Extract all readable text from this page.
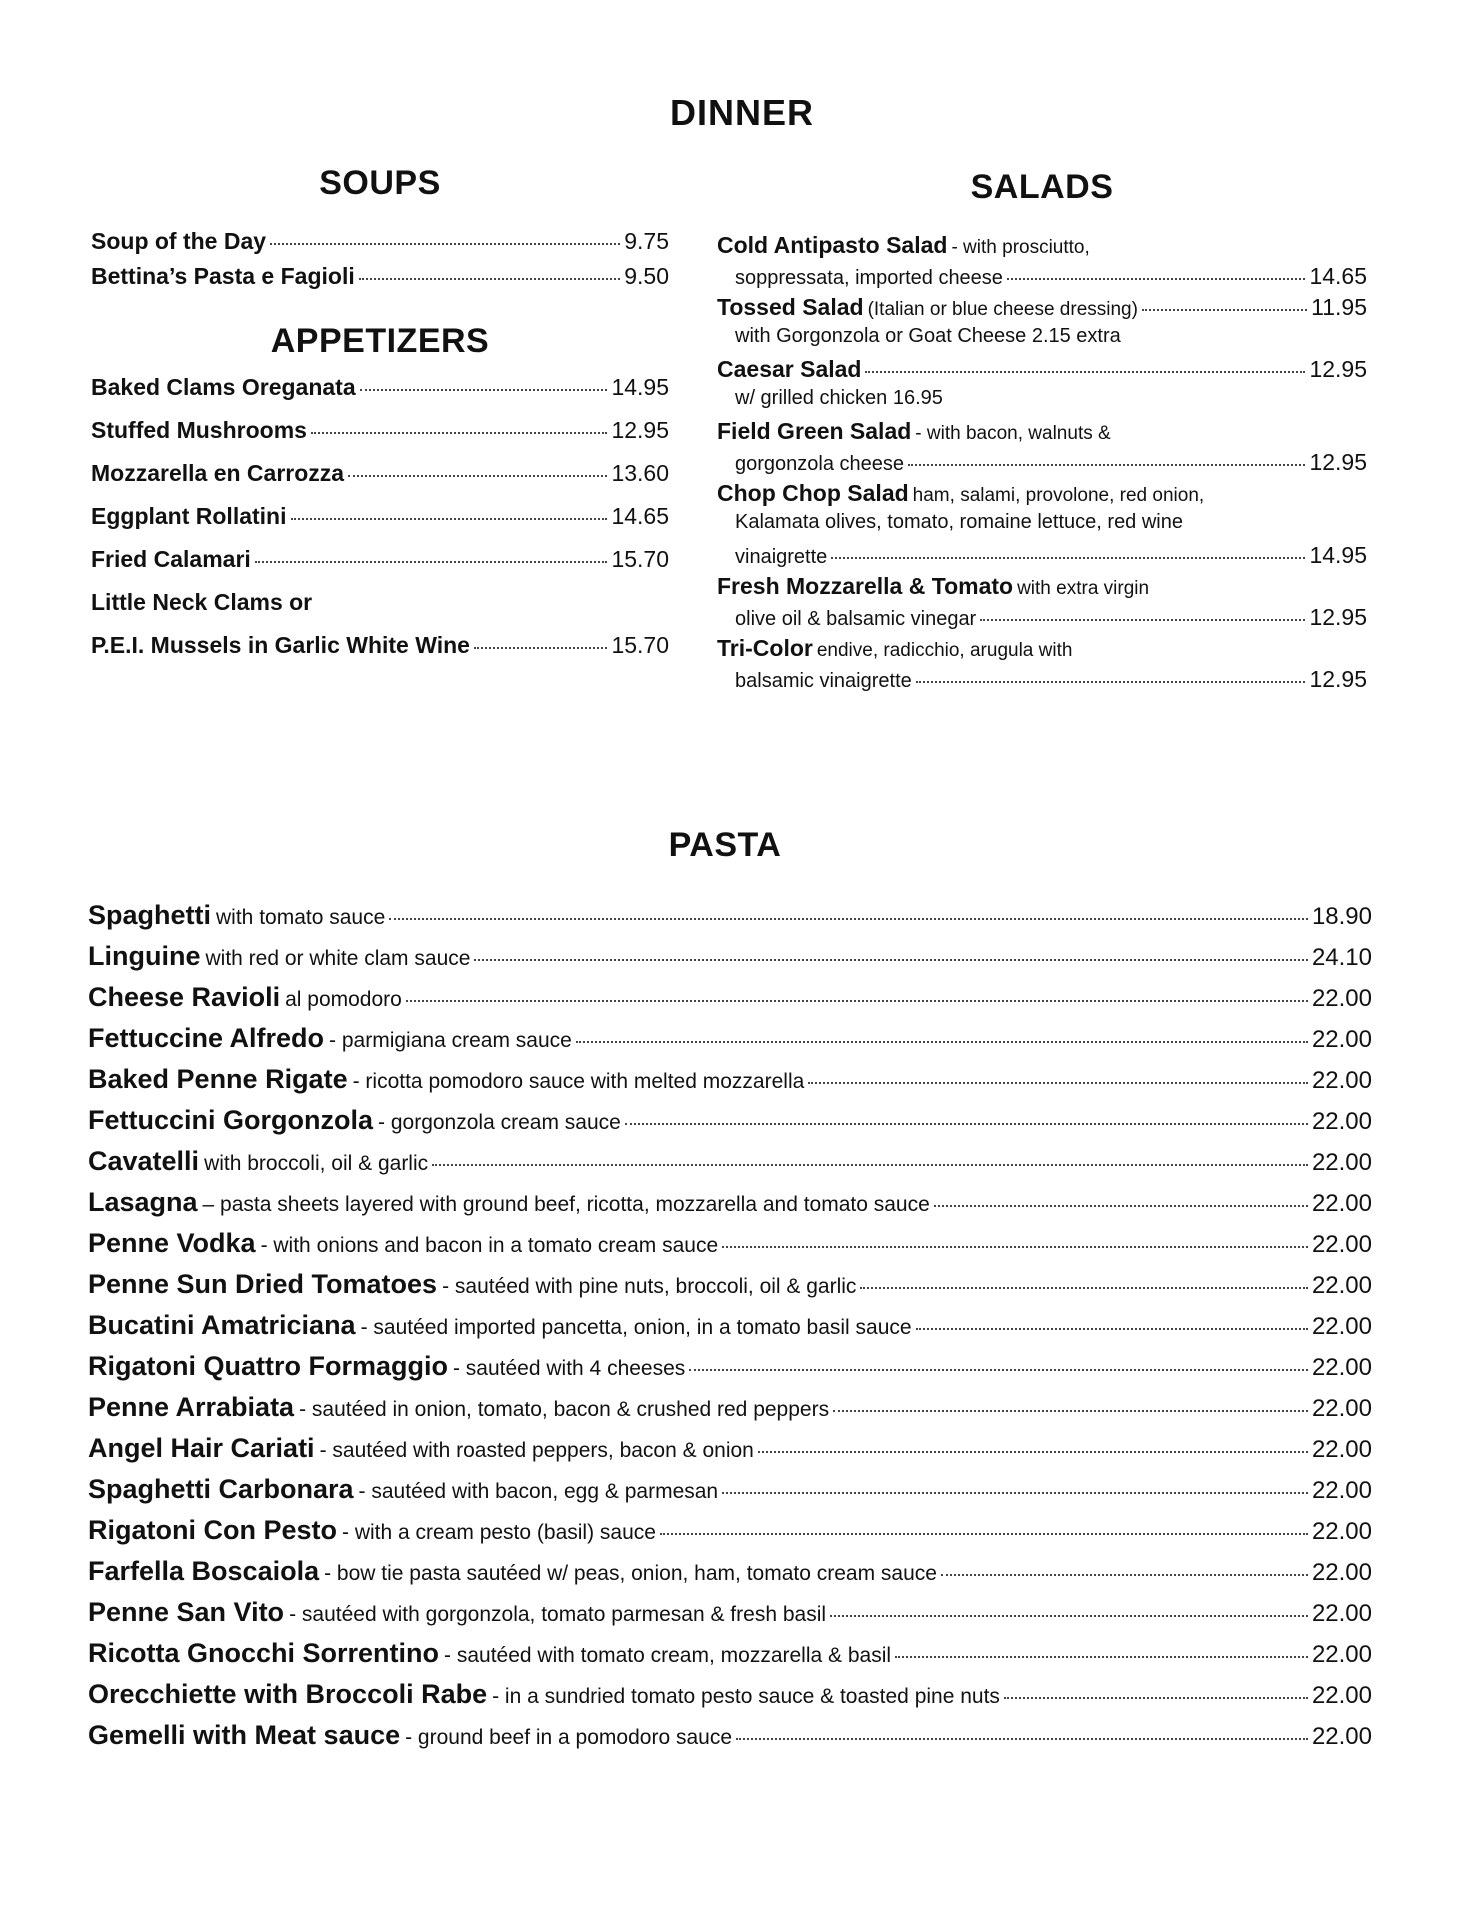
DINNER
SOUPS
Soup of the Day	9.75
Bettina’s Pasta e Fagioli	9.50
APPETIZERS
Baked Clams Oreganata	14.95
Stuffed Mushrooms	12.95
Mozzarella en Carrozza	13.60
Eggplant Rollatini	14.65
Fried Calamari	15.70
Little Neck Clams or
P.E.I. Mussels in Garlic White Wine	15.70
SALADS
Cold Antipasto Salad - with prosciutto,
soppressata, imported cheese	14.65
Tossed Salad (Italian or blue cheese dressing)	11.95
with Gorgonzola or Goat Cheese 2.15 extra
Caesar Salad	12.95
w/ grilled chicken 16.95
Field Green Salad - with bacon, walnuts &
gorgonzola cheese	12.95
Chop Chop Salad ham, salami, provolone, red onion,
Kalamata olives, tomato, romaine lettuce, red wine
vinaigrette	14.95
Fresh Mozzarella & Tomato with extra virgin
olive oil & balsamic vinegar	12.95
Tri-Color endive, radicchio, arugula with
balsamic vinaigrette	12.95
PASTA
Spaghetti with tomato sauce	18.90
Linguine with red or white clam sauce	24.10
Cheese Ravioli al pomodoro	22.00
Fettuccine Alfredo - parmigiana cream sauce	22.00
Baked Penne Rigate - ricotta pomodoro sauce with melted mozzarella	22.00
Fettuccini Gorgonzola - gorgonzola cream sauce	22.00
Cavatelli with broccoli, oil & garlic	22.00
Lasagna – pasta sheets layered with ground beef, ricotta, mozzarella and tomato sauce	22.00
Penne Vodka - with onions and bacon in a tomato cream sauce	22.00
Penne Sun Dried Tomatoes - sautéed with pine nuts, broccoli, oil & garlic	22.00
Bucatini Amatriciana - sautéed imported pancetta, onion, in a tomato basil sauce	22.00
Rigatoni Quattro Formaggio - sautéed with 4 cheeses	22.00
Penne Arrabiata - sautéed in onion, tomato, bacon & crushed red peppers	22.00
Angel Hair Cariati - sautéed with roasted peppers, bacon & onion	22.00
Spaghetti Carbonara - sautéed with bacon, egg & parmesan	22.00
Rigatoni Con Pesto - with a cream pesto (basil) sauce	22.00
Farfella Boscaiola - bow tie pasta sautéed w/ peas, onion, ham, tomato cream sauce	22.00
Penne San Vito - sautéed with gorgonzola, tomato parmesan & fresh basil	22.00
Ricotta Gnocchi Sorrentino - sautéed with tomato cream, mozzarella & basil	22.00
Orecchiette with Broccoli Rabe - in a sundried tomato pesto sauce & toasted pine nuts	22.00
Gemelli with Meat sauce - ground beef in a pomodoro sauce	22.00
